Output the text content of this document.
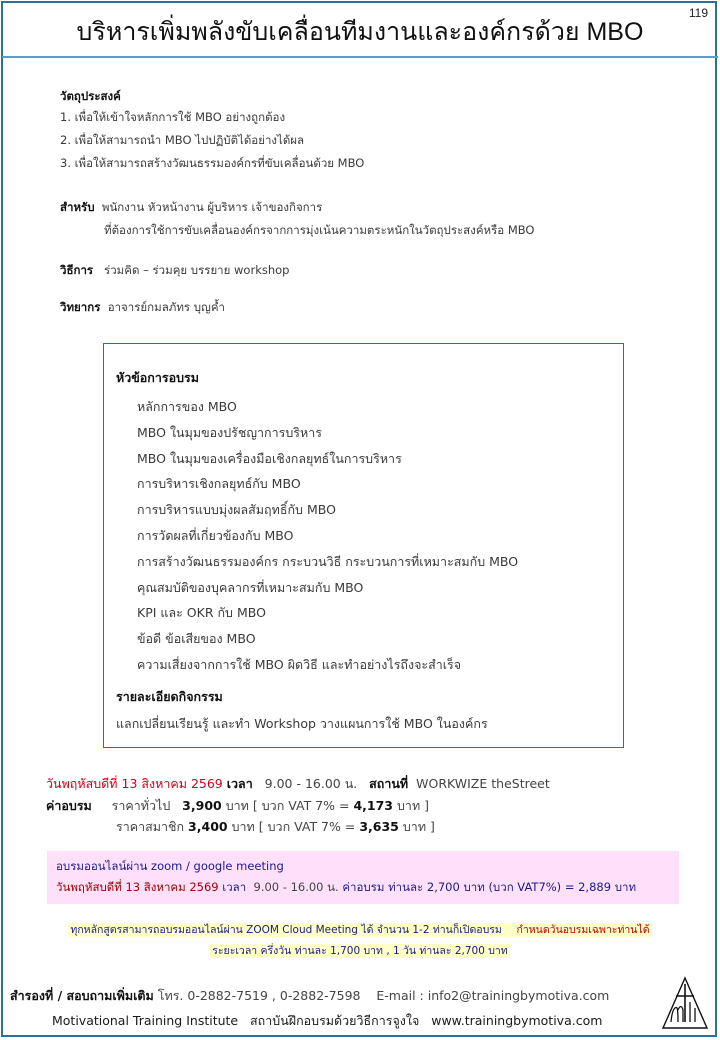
119
บริหารเพิ่มพลังขับเคลื่อนทีมงานและองค์กรด้วย MBO
วัตถุประสงค์
1. เพื่อให้เข้าใจหลักการใช้ MBO อย่างถูกต้อง
2. เพื่อให้สามารถนำ MBO ไปปฏิบัติได้อย่างได้ผล
3. เพื่อให้สามารถสร้างวัฒนธรรมองค์กรที่ขับเคลื่อนด้วย MBO
สำหรับ พนักงาน หัวหน้างาน ผู้บริหาร เจ้าของกิจการ
ที่ต้องการใช้การขับเคลื่อนองค์กรจากการมุ่งเน้นความตระหนักในวัตถุประสงค์หรือ MBO
วิธีการ ร่วมคิด – ร่วมคุย บรรยาย workshop
วิทยากร อาจารย์กมลภัทร บุญค้ำ
หัวข้อการอบรม
หลักการของ MBO
MBO ในมุมของปรัชญาการบริหาร
MBO ในมุมของเครื่องมือเชิงกลยุทธ์ในการบริหาร
การบริหารเชิงกลยุทธ์กับ MBO
การบริหารแบบมุ่งผลสัมฤทธิ์กับ MBO
การวัดผลที่เกี่ยวข้องกับ MBO
การสร้างวัฒนธรรมองค์กร กระบวนวิธี กระบวนการที่เหมาะสมกับ MBO
คุณสมบัติของบุคลากรที่เหมาะสมกับ MBO
KPI และ OKR กับ MBO
ข้อดี ข้อเสียของ MBO
ความเสี่ยงจากการใช้ MBO ผิดวิธี และทำอย่างไรถึงจะสำเร็จ
รายละเอียดกิจกรรม
แลกเปลี่ยนเรียนรู้ และทำ Workshop วางแผนการใช้ MBO ในองค์กร
วันพฤหัสบดีที่ 13 สิงหาคม 2569 เวลา 9.00 - 16.00 น. สถานที่ WORKWIZE theStreet
ค่าอบรม ราคาทั่วไป 3,900 บาท [ บวก VAT 7% = 4,173 บาท ]
ราคาสมาชิก 3,400 บาท [ บวก VAT 7% = 3,635 บาท ]
อบรมออนไลน์ผ่าน zoom / google meeting
วันพฤหัสบดีที่ 13 สิงหาคม 2569 เวลา 9.00 - 16.00 น. ค่าอบรม ท่านละ 2,700 บาท (บวก VAT7%) = 2,889 บาท
ทุกหลักสูตรสามารถอบรมออนไลน์ผ่าน ZOOM Cloud Meeting ได้ จำนวน 1-2 ท่านก็เปิดอบรม กำหนดวันอบรมเฉพาะท่านได้
ระยะเวลา ครึ่งวัน ท่านละ 1,700 บาท , 1 วัน ท่านละ 2,700 บาท
สำรองที่ / สอบถามเพิ่มเติม โทร. 0-2882-7519 , 0-2882-7598 E-mail : info2@trainingbymotiva.com
Motivational Training Institute สถาบันฝึกอบรมด้วยวิธีการจูงใจ www.trainingbymotiva.com
